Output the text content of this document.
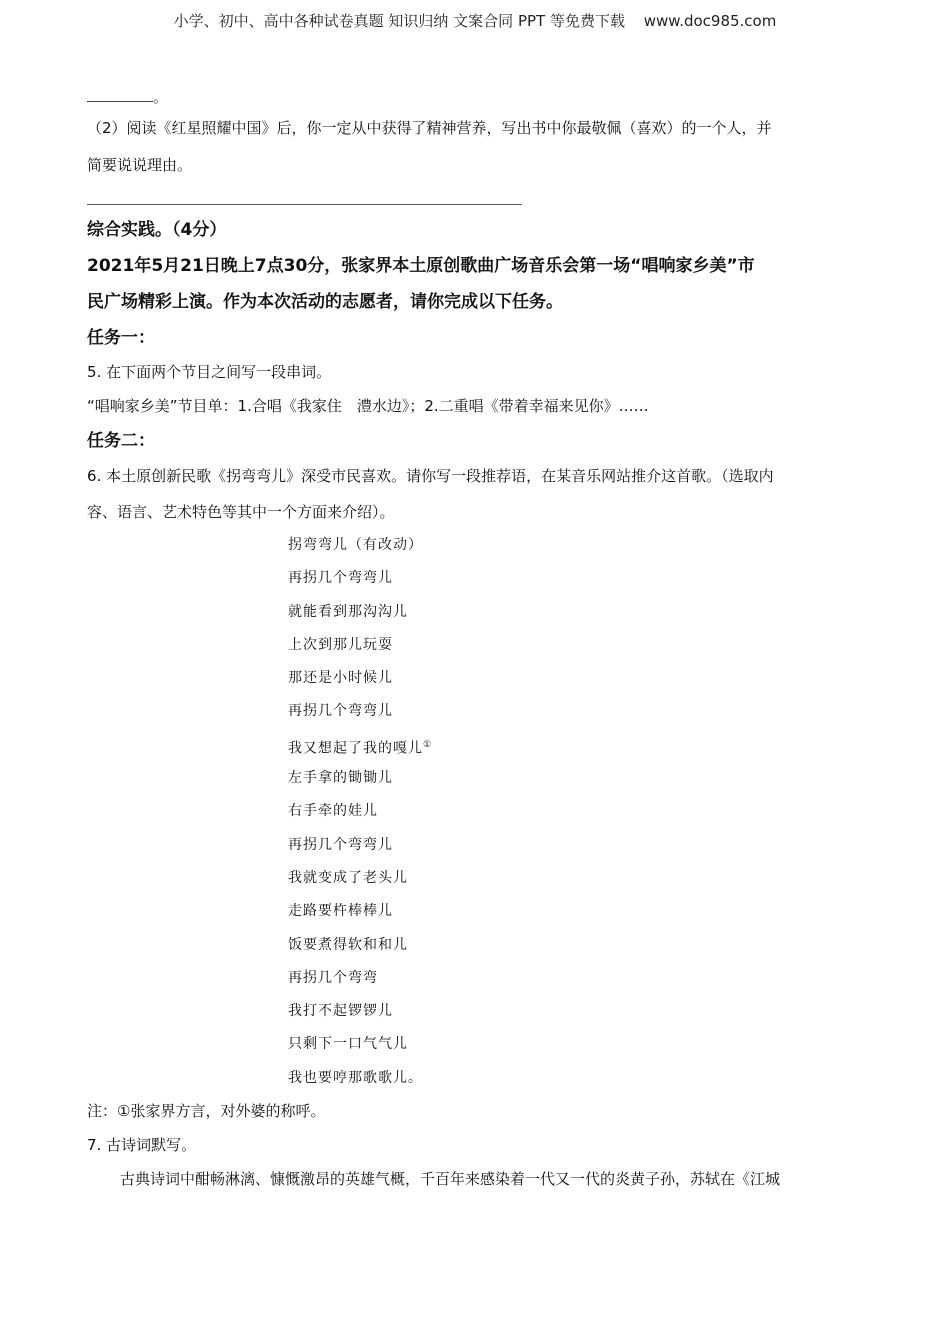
小学、初中、高中各种试卷真题 知识归纳 文案合同 PPT 等免费下载 www.doc985.com
。
（2）阅读《红星照耀中国》后，你一定从中获得了精神营养，写出书中你最敬佩（喜欢）的一个人，并
简要说说理由。
综合实践。（4分）
2021年5月21日晚上7点30分，张家界本土原创歌曲广场音乐会第一场“唱响家乡美”市
民广场精彩上演。作为本次活动的志愿者，请你完成以下任务。
任务一：
5. 在下面两个节目之间写一段串词。
“唱响家乡美”节目单：1.合唱《我家住　澧水边》；2.二重唱《带着幸福来见你》……
任务二：
6. 本土原创新民歌《拐弯弯儿》深受市民喜欢。请你写一段推荐语，在某音乐网站推介这首歌。（选取内
容、语言、艺术特色等其中一个方面来介绍）。
拐弯弯儿（有改动）
再拐几个弯弯儿
就能看到那沟沟儿
上次到那儿玩耍
那还是小时候儿
再拐几个弯弯儿
我又想起了我的嘎儿①
左手拿的锄锄儿
右手牵的娃儿
再拐几个弯弯儿
我就变成了老头儿
走路要杵棒棒儿
饭要煮得软和和儿
再拐几个弯弯
我打不起锣锣儿
只剩下一口气气儿
我也要哼那歌歌儿。
注：①张家界方言，对外婆的称呼。
7. 古诗词默写。
古典诗词中酣畅淋漓、慷慨激昂的英雄气概，千百年来感染着一代又一代的炎黄子孙，苏轼在《江城
